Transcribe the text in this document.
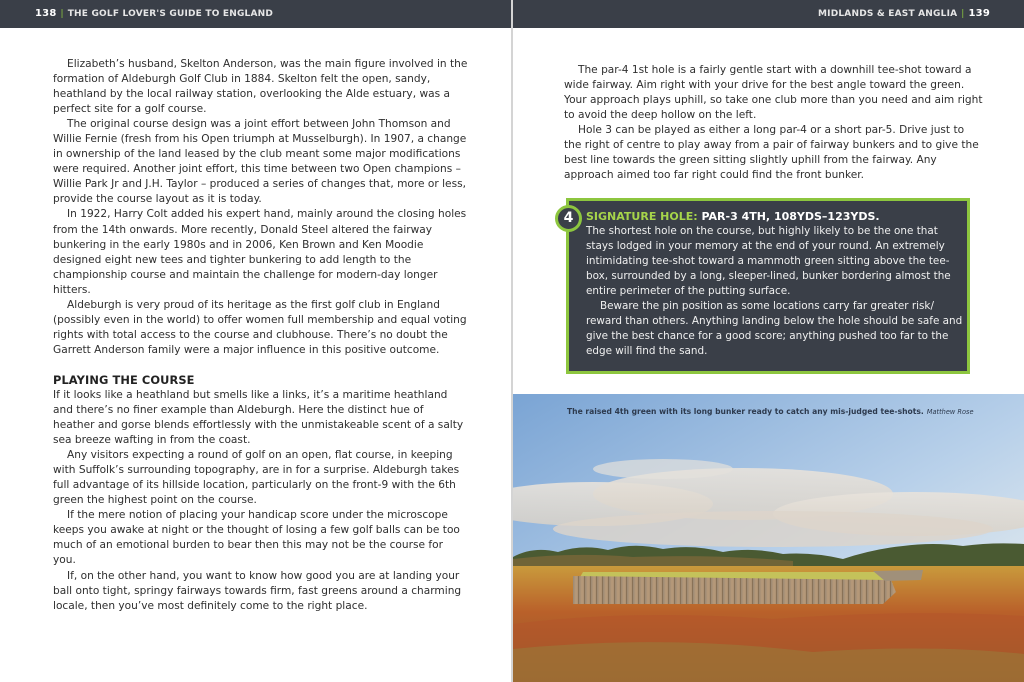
138 | THE GOLF LOVER'S GUIDE TO ENGLAND

Elizabeth’s husband, Skelton Anderson, was the main figure involved in the formation of Aldeburgh Golf Club in 1884. Skelton felt the open, sandy, heathland by the local railway station, overlooking the Alde estuary, was a perfect site for a golf course.

The original course design was a joint effort between John Thomson and Willie Fernie (fresh from his Open triumph at Musselburgh). In 1907, a change in ownership of the land leased by the club meant some major modifications were required. Another joint effort, this time between two Open champions – Willie Park Jr and J.H. Taylor – produced a series of changes that, more or less, provide the course layout as it is today.

In 1922, Harry Colt added his expert hand, mainly around the closing holes from the 14th onwards. More recently, Donald Steel altered the fairway bunkering in the early 1980s and in 2006, Ken Brown and Ken Moodie designed eight new tees and tighter bunkering to add length to the championship course and maintain the challenge for modern-day longer hitters.

Aldeburgh is very proud of its heritage as the first golf club in England (possibly even in the world) to offer women full membership and equal voting rights with total access to the course and clubhouse. There’s no doubt the Garrett Anderson family were a major influence in this positive outcome.

PLAYING THE COURSE

If it looks like a heathland but smells like a links, it’s a maritime heathland and there’s no finer example than Aldeburgh. Here the distinct hue of heather and gorse blends effortlessly with the unmistakeable scent of a salty sea breeze wafting in from the coast.

Any visitors expecting a round of golf on an open, flat course, in keeping with Suffolk’s surrounding topography, are in for a surprise. Aldeburgh takes full advantage of its hillside location, particularly on the front-9 with the 6th green the highest point on the course.

If the mere notion of placing your handicap score under the microscope keeps you awake at night or the thought of losing a few golf balls can be too much of an emotional burden to bear then this may not be the course for you.

If, on the other hand, you want to know how good you are at landing your ball onto tight, springy fairways towards firm, fast greens around a charming locale, then you’ve most definitely come to the right place.

MIDLANDS & EAST ANGLIA | 139

The par-4 1st hole is a fairly gentle start with a downhill tee-shot toward a wide fairway. Aim right with your drive for the best angle toward the green. Your approach plays uphill, so take one club more than you need and aim right to avoid the deep hollow on the left.

Hole 3 can be played as either a long par-4 or a short par-5. Drive just to the right of centre to play away from a pair of fairway bunkers and to give the best line towards the green sitting slightly uphill from the fairway. Any approach aimed too far right could find the front bunker.

4	SIGNATURE HOLE: PAR-3 4TH, 108YDS–123YDS.

The shortest hole on the course, but highly likely to be the one that stays lodged in your memory at the end of your round. An extremely intimidating tee-shot toward a mammoth green sitting above the tee-box, surrounded by a long, sleeper-lined, bunker bordering almost the entire perimeter of the putting surface.

Beware the pin position as some locations carry far greater risk/ reward than others. Anything landing below the hole should be safe and give the best chance for a good score; anything pushed too far to the edge will find the sand.

The raised 4th green with its long bunker ready to catch any mis-judged tee-shots. Matthew Rose
